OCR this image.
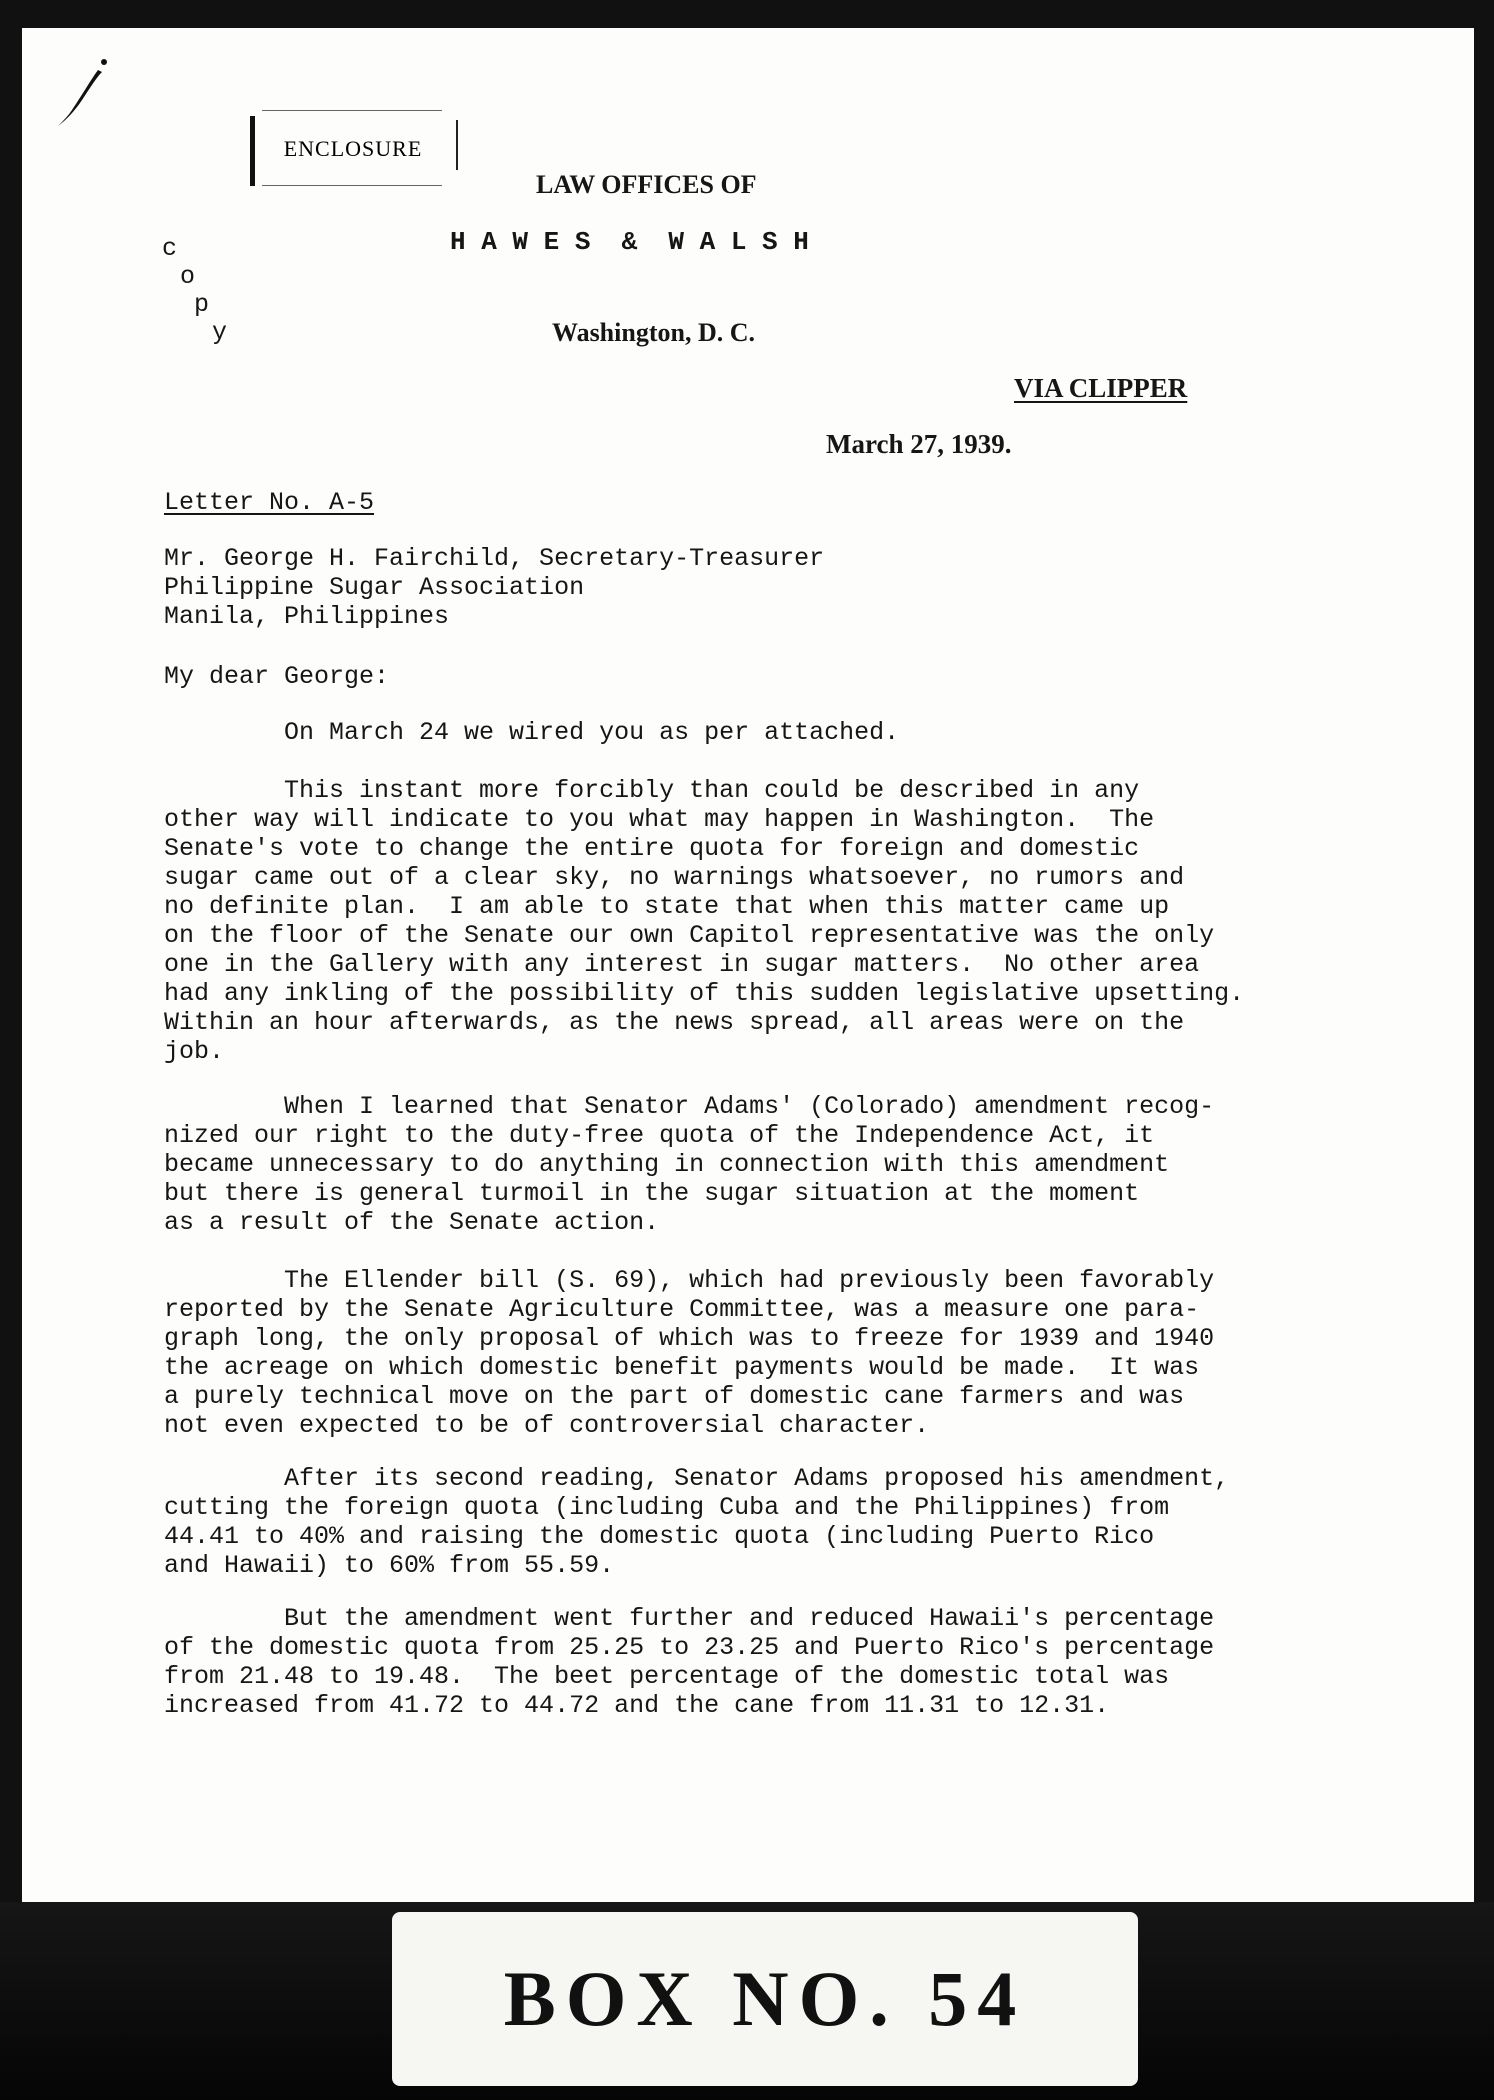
ENCLOSURE
LAW OFFICES OF
H A W E S  &  W A L S H
Washington, D. C.
c
o
p
y
VIA CLIPPER
March 27, 1939.
Letter No. A-5
Mr. George H. Fairchild, Secretary-Treasurer
Philippine Sugar Association
Manila, Philippines
My dear George:
On March 24 we wired you as per attached.
This instant more forcibly than could be described in any
other way will indicate to you what may happen in Washington.  The
Senate's vote to change the entire quota for foreign and domestic
sugar came out of a clear sky, no warnings whatsoever, no rumors and
no definite plan.  I am able to state that when this matter came up
on the floor of the Senate our own Capitol representative was the only
one in the Gallery with any interest in sugar matters.  No other area
had any inkling of the possibility of this sudden legislative upsetting.
Within an hour afterwards, as the news spread, all areas were on the
job.
When I learned that Senator Adams' (Colorado) amendment recog-
nized our right to the duty-free quota of the Independence Act, it
became unnecessary to do anything in connection with this amendment
but there is general turmoil in the sugar situation at the moment
as a result of the Senate action.
The Ellender bill (S. 69), which had previously been favorably
reported by the Senate Agriculture Committee, was a measure one para-
graph long, the only proposal of which was to freeze for 1939 and 1940
the acreage on which domestic benefit payments would be made.  It was
a purely technical move on the part of domestic cane farmers and was
not even expected to be of controversial character.
After its second reading, Senator Adams proposed his amendment,
cutting the foreign quota (including Cuba and the Philippines) from
44.41 to 40% and raising the domestic quota (including Puerto Rico
and Hawaii) to 60% from 55.59.
But the amendment went further and reduced Hawaii's percentage
of the domestic quota from 25.25 to 23.25 and Puerto Rico's percentage
from 21.48 to 19.48.  The beet percentage of the domestic total was
increased from 41.72 to 44.72 and the cane from 11.31 to 12.31.
BOX NO. 54
